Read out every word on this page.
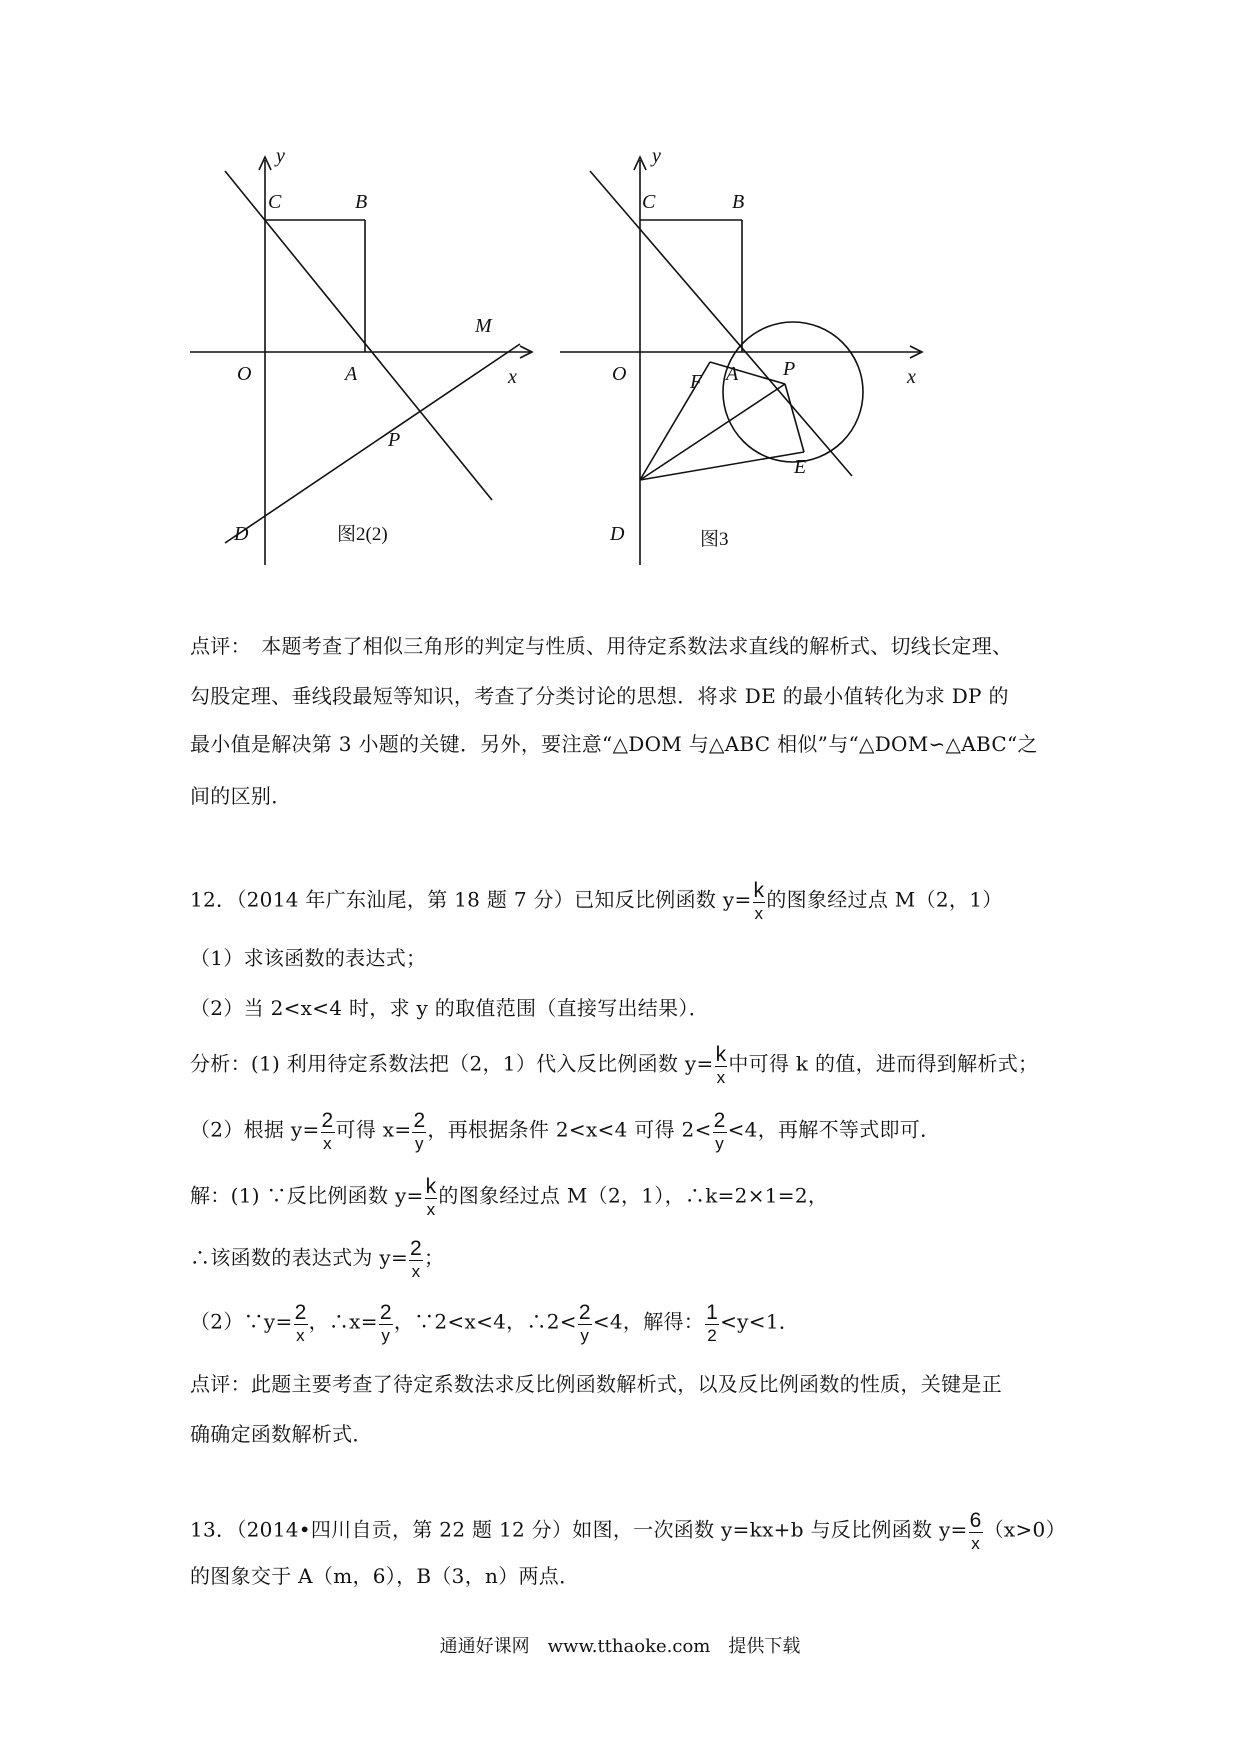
y
C	B
O	A	x
M
P
D	图2(2)
y
C	B
O	A
F
P	x
E
D	图3
点评：　本题考查了相似三角形的判定与性质、用待定系数法求直线的解析式、切线长定理、
勾股定理、垂线段最短等知识，考查了分类讨论的思想．将求 DE 的最小值转化为求 DP 的
最小值是解决第 3 小题的关键．另外，要注意“△DOM 与△ABC 相似”与“△DOM∽△ABC“之
间的区别．
12．（2014 年广东汕尾，第 18 题 7 分）已知反比例函数 $y= \frac{k}{x}$ 的图象经过点 M（2，1）
（1）求该函数的表达式；
（2）当 2<x<4 时，求 y 的取值范围（直接写出结果）．
分析：(1) 利用待定系数法把（2，1）代入反比例函数 $y= \frac{k}{x}$ 中可得 k 的值，进而得到解析式；
（2）根据 $y= \frac{2}{x}$ 可得 $x= \frac{2}{y}$ ，再根据条件 2<x<4 可得 $2< \frac{2}{y} <4$，再解不等式即可．
解：(1) ∵反比例函数 $y= \frac{k}{x}$ 的图象经过点 M（2，1），∴k=2×1=2，
∴该函数的表达式为 $y= \frac{2}{x}$ ；
（2）∵y= $\frac{2}{x}$ ，∴x= $\frac{2}{y}$ ，∵2<x<4，∴2< $\frac{2}{y} <4$，解得： $\frac{1}{2} <y<1$．
点评：此题主要考查了待定系数法求反比例函数解析式，以及反比例函数的性质，关键是正
确确定函数解析式．
13．（2014•四川自贡，第 22 题 12 分）如图，一次函数 y=kx+b 与反比例函数 $y= \frac{6}{x} (x>0)$
的图象交于 A（m，6），B（3，n）两点．
通通好课网　www.tthaoke.com　提供下载
